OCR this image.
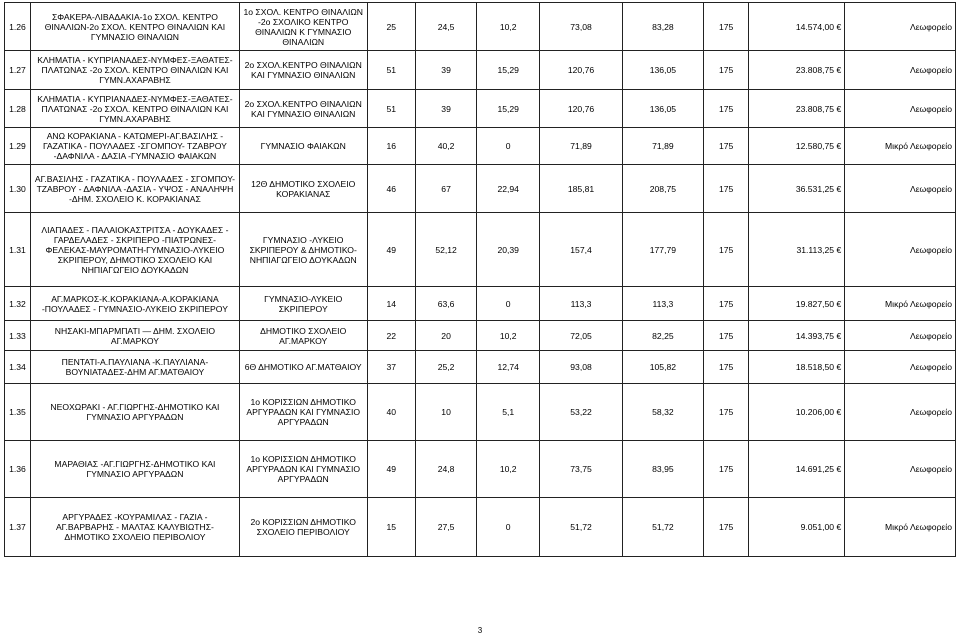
1.26	ΣΦΑΚΕΡΑ-ΛΙΒΑΔΑΚΙΑ-1ο ΣΧΟΛ. ΚΕΝΤΡΟ ΘΙΝΑΛΙΩΝ-2ο ΣΧΟΛ. ΚΕΝΤΡΟ ΘΙΝΑΛΙΩΝ ΚΑΙ ΓΥΜΝΑΣΙΟ ΘΙΝΑΛΙΩΝ	1ο ΣΧΟΛ. ΚΕΝΤΡΟ ΘΙΝΑΛΙΩΝ -2ο ΣΧΟΛΙΚΟ ΚΕΝΤΡΟ ΘΙΝΑΛΙΩΝ Κ ΓΥΜΝΑΣΙΟ ΘΙΝΑΛΙΩΝ	25	24,5	10,2	73,08	83,28	175	14.574,00 €	Λεωφορείο
1.27	ΚΛΗΜΑΤΙΑ - ΚΥΠΡΙΑΝΑΔΕΣ-ΝΥΜΦΕΣ-ΞΑΘΑΤΕΣ-ΠΛΑΤΩΝΑΣ -2ο ΣΧΟΛ. ΚΕΝΤΡΟ ΘΙΝΑΛΙΩΝ ΚΑΙ ΓΥΜΝ.ΑΧΑΡΑΒΗΣ	2ο ΣΧΟΛ.ΚΕΝΤΡΟ ΘΙΝΑΛΙΩΝ ΚΑΙ ΓΥΜΝΑΣΙΟ ΘΙΝΑΛΙΩΝ	51	39	15,29	120,76	136,05	175	23.808,75 €	Λεωφορείο
1.28	ΚΛΗΜΑΤΙΑ - ΚΥΠΡΙΑΝΑΔΕΣ-ΝΥΜΦΕΣ-ΞΑΘΑΤΕΣ-ΠΛΑΤΩΝΑΣ -2ο ΣΧΟΛ. ΚΕΝΤΡΟ ΘΙΝΑΛΙΩΝ ΚΑΙ ΓΥΜΝ.ΑΧΑΡΑΒΗΣ	2ο ΣΧΟΛ.ΚΕΝΤΡΟ ΘΙΝΑΛΙΩΝ ΚΑΙ ΓΥΜΝΑΣΙΟ ΘΙΝΑΛΙΩΝ	51	39	15,29	120,76	136,05	175	23.808,75 €	Λεωφορείο
1.29	ΑΝΩ ΚΟΡΑΚΙΑΝΑ - ΚΑΤΩΜΕΡΙ-ΑΓ.ΒΑΣΙΛΗΣ - ΓΑΖΑΤΙΚΑ - ΠΟΥΛΑΔΕΣ -ΣΓΟΜΠΟΥ- ΤΖΑΒΡΟΥ -ΔΑΦΝΙΛΑ - ΔΑΣΙΑ -ΓΥΜΝΑΣΙΟ ΦΑΙΑΚΩΝ	ΓΥΜΝΑΣΙΟ ΦΑΙΑΚΩΝ	16	40,2	0	71,89	71,89	175	12.580,75 €	Μικρό Λεωφορείο
1.30	ΑΓ.ΒΑΣΙΛΗΣ - ΓΑΖΑΤΙΚΑ - ΠΟΥΛΑΔΕΣ - ΣΓΟΜΠΟΥ-ΤΖΑΒΡΟΥ - ΔΑΦΝΙΛΑ -ΔΑΣΙΑ - ΥΨΟΣ - ΑΝΑΛΗΨΗ -ΔΗΜ. ΣΧΟΛΕΙΟ Κ. ΚΟΡΑΚΙΑΝΑΣ	12Θ ΔΗΜΟΤΙΚΟ ΣΧΟΛΕΙΟ ΚΟΡΑΚΙΑΝΑΣ	46	67	22,94	185,81	208,75	175	36.531,25 €	Λεωφορείο
1.31	ΛΙΑΠΑΔΕΣ - ΠΑΛΑΙΟΚΑΣΤΡΙΤΣΑ - ΔΟΥΚΑΔΕΣ - ΓΑΡΔΕΛΑΔΕΣ - ΣΚΡΙΠΕΡΟ -ΠΙΑΤΡΩΝΕΣ-ΦΕΛΕΚΑΣ-ΜΑΥΡΟΜΑΤΗ-ΓΥΜΝΑΣΙΟ-ΛΥΚΕΙΟ ΣΚΡΙΠΕΡΟΥ, ΔΗΜΟΤΙΚΟ ΣΧΟΛΕΙΟ ΚΑΙ ΝΗΠΙΑΓΩΓΕΙΟ ΔΟΥΚΑΔΩΝ	ΓΥΜΝΑΣΙΟ -ΛΥΚΕΙΟ ΣΚΡΙΠΕΡΟΥ & ΔΗΜΟΤΙΚΟ-ΝΗΠΙΑΓΩΓΕΙΟ ΔΟΥΚΑΔΩΝ	49	52,12	20,39	157,4	177,79	175	31.113,25 €	Λεωφορείο
1.32	ΑΓ.ΜΑΡΚΟΣ-Κ.ΚΟΡΑΚΙΑΝΑ-Α.ΚΟΡΑΚΙΑΝΑ -ΠΟΥΛΑΔΕΣ - ΓΥΜΝΑΣΙΟ-ΛΥΚΕΙΟ ΣΚΡΙΠΕΡΟΥ	ΓΥΜΝΑΣΙΟ-ΛΥΚΕΙΟ ΣΚΡΙΠΕΡΟΥ	14	63,6	0	113,3	113,3	175	19.827,50 €	Μικρό Λεωφορείο
1.33	ΝΗΣΑΚΙ-ΜΠΑΡΜΠΑΤΙ — ΔΗΜ. ΣΧΟΛΕΙΟ ΑΓ.ΜΑΡΚΟΥ	ΔΗΜΟΤΙΚΟ ΣΧΟΛΕΙΟ ΑΓ.ΜΑΡΚΟΥ	22	20	10,2	72,05	82,25	175	14.393,75 €	Λεωφορείο
1.34	ΠΕΝΤΑΤΙ-Α.ΠΑΥΛΙΑΝΑ -Κ.ΠΑΥΛΙΑΝΑ-ΒΟΥΝΙΑΤΑΔΕΣ-ΔΗΜ ΑΓ.ΜΑΤΘΑΙΟΥ	6Θ ΔΗΜΟΤΙΚΟ ΑΓ.ΜΑΤΘΑΙΟΥ	37	25,2	12,74	93,08	105,82	175	18.518,50 €	Λεωφορείο
1.35	ΝΕΟΧΩΡΑΚΙ - ΑΓ.ΓΙΩΡΓΗΣ-ΔΗΜΟΤΙΚΟ ΚΑΙ ΓΥΜΝΑΣΙΟ ΑΡΓΥΡΑΔΩΝ	1ο ΚΟΡΙΣΣΙΩΝ ΔΗΜΟΤΙΚΟ ΑΡΓΥΡΑΔΩΝ ΚΑΙ ΓΥΜΝΑΣΙΟ ΑΡΓΥΡΑΔΩΝ	40	10	5,1	53,22	58,32	175	10.206,00 €	Λεωφορείο
1.36	ΜΑΡΑΘΙΑΣ -ΑΓ.ΓΙΩΡΓΗΣ-ΔΗΜΟΤΙΚΟ ΚΑΙ ΓΥΜΝΑΣΙΟ ΑΡΓΥΡΑΔΩΝ	1ο ΚΟΡΙΣΣΙΩΝ ΔΗΜΟΤΙΚΟ ΑΡΓΥΡΑΔΩΝ ΚΑΙ ΓΥΜΝΑΣΙΟ ΑΡΓΥΡΑΔΩΝ	49	24,8	10,2	73,75	83,95	175	14.691,25 €	Λεωφορείο
1.37	ΑΡΓΥΡΑΔΕΣ -ΚΟΥΡΑΜΙΛΑΣ - ΓΑΖΙΑ - ΑΓ.ΒΑΡΒΑΡΗΣ - ΜΑΛΤΑΣ ΚΑΛΥΒΙΩΤΗΣ-ΔΗΜΟΤΙΚΟ ΣΧΟΛΕΙΟ ΠΕΡΙΒΟΛΙΟΥ	2ο ΚΟΡΙΣΣΙΩΝ ΔΗΜΟΤΙΚΟ ΣΧΟΛΕΙΟ ΠΕΡΙΒΟΛΙΟΥ	15	27,5	0	51,72	51,72	175	9.051,00 €	Μικρό Λεωφορείο
3
